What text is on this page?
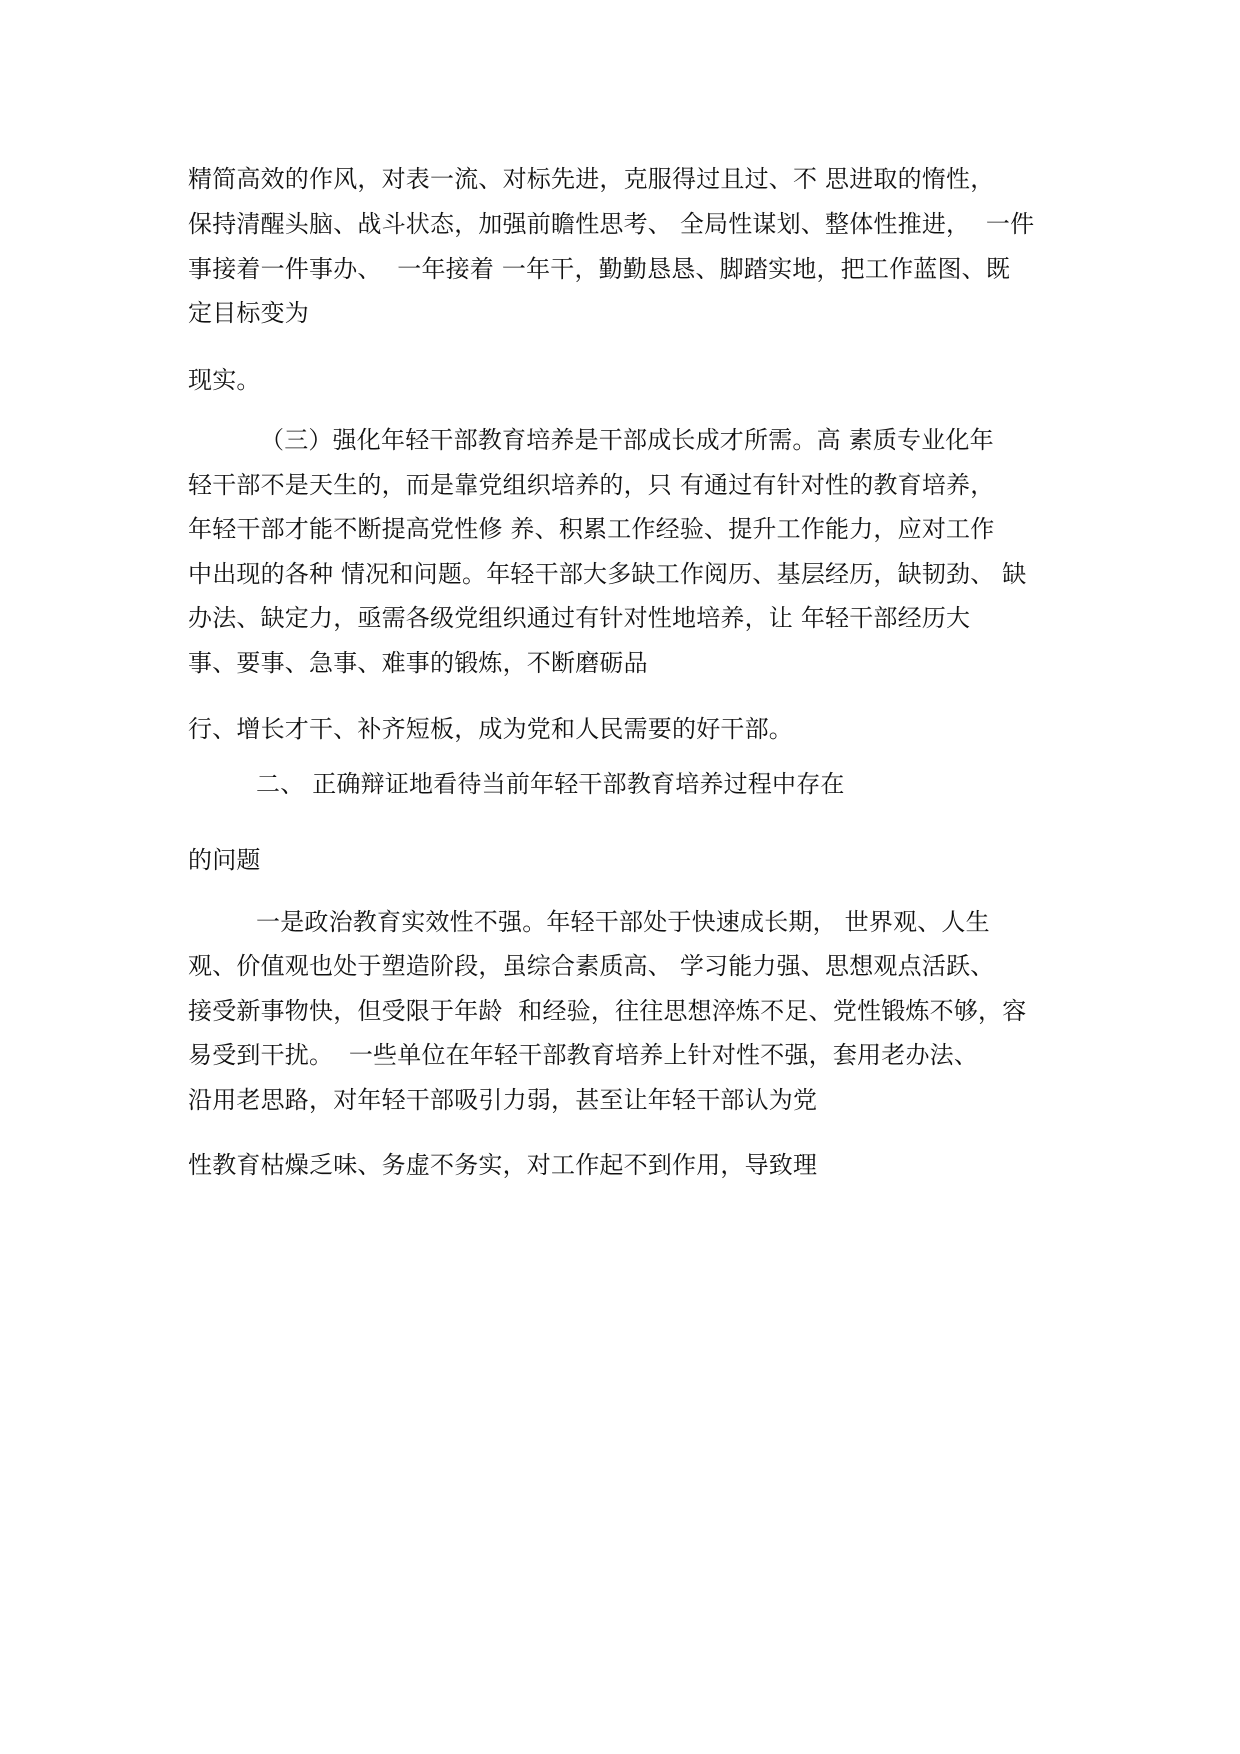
精简高效的作风，对表一流、对标先进，克服得过且过、不 思进取的惰性，
保持清醒头脑、战斗状态，加强前瞻性思考、 全局性谋划、整体性推进，  一件
事接着一件事办、  一年接着 一年干，勤勤恳恳、脚踏实地，把工作蓝图、既
定目标变为
现实。
（三）强化年轻干部教育培养是干部成长成才所需。高 素质专业化年
轻干部不是天生的，而是靠党组织培养的，只 有通过有针对性的教育培养，
年轻干部才能不断提高党性修 养、积累工作经验、提升工作能力，应对工作
中出现的各种 情况和问题。年轻干部大多缺工作阅历、基层经历，缺韧劲、 缺
办法、缺定力，亟需各级党组织通过有针对性地培养，让 年轻干部经历大
事、要事、急事、难事的锻炼，不断磨砺品
行、增长才干、补齐短板，成为党和人民需要的好干部。
二、 正确辩证地看待当前年轻干部教育培养过程中存在
的问题
一是政治教育实效性不强。年轻干部处于快速成长期， 世界观、人生
观、价值观也处于塑造阶段，虽综合素质高、 学习能力强、思想观点活跃、
接受新事物快，但受限于年龄  和经验，往往思想淬炼不足、党性锻炼不够，容
易受到干扰。  一些单位在年轻干部教育培养上针对性不强，套用老办法、
沿用老思路，对年轻干部吸引力弱，甚至让年轻干部认为党
性教育枯燥乏味、务虚不务实，对工作起不到作用，导致理
